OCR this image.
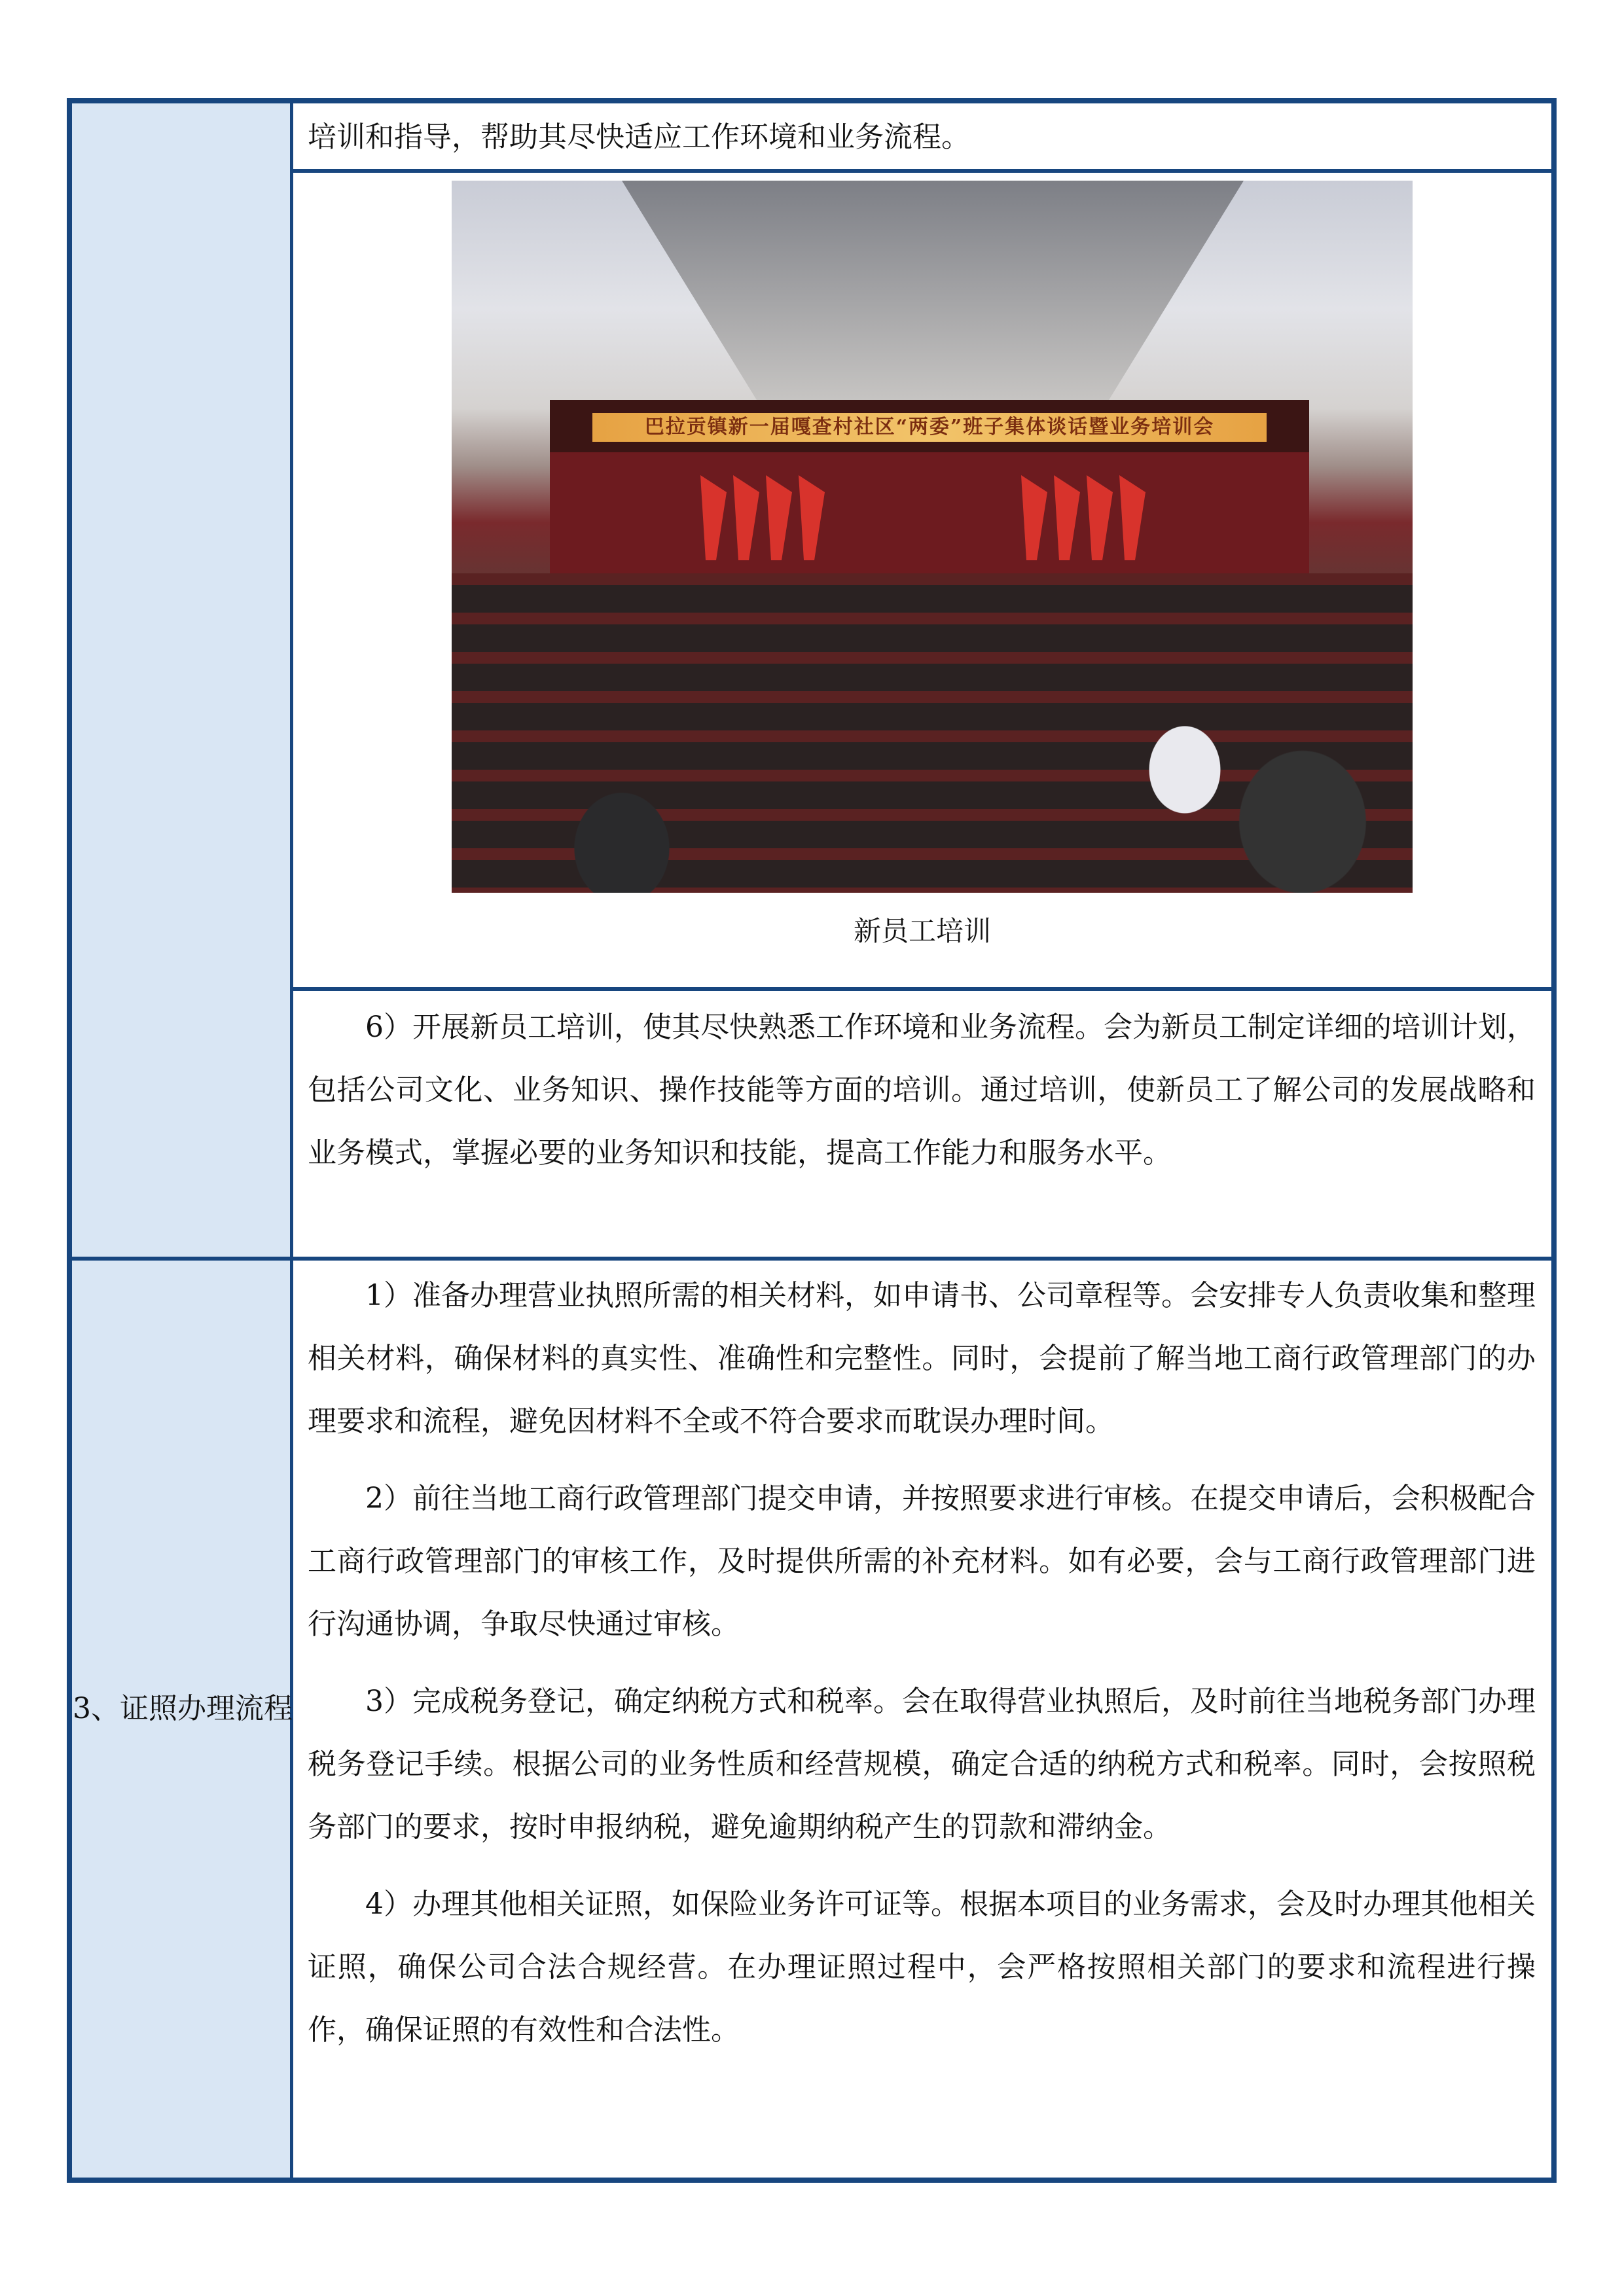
培训和指导，帮助其尽快适应工作环境和业务流程。
巴拉贡镇新一届嘎查村社区“两委”班子集体谈话暨业务培训会
新员工培训
6）开展新员工培训，使其尽快熟悉工作环境和业务流程。会为新员工制定详细的培训计划，包括公司文化、业务知识、操作技能等方面的培训。通过培训，使新员工了解公司的发展战略和业务模式，掌握必要的业务知识和技能，提高工作能力和服务水平。
3、证照办理流程
1）准备办理营业执照所需的相关材料，如申请书、公司章程等。会安排专人负责收集和整理相关材料，确保材料的真实性、准确性和完整性。同时，会提前了解当地工商行政管理部门的办理要求和流程，避免因材料不全或不符合要求而耽误办理时间。
2）前往当地工商行政管理部门提交申请，并按照要求进行审核。在提交申请后，会积极配合工商行政管理部门的审核工作，及时提供所需的补充材料。如有必要，会与工商行政管理部门进行沟通协调，争取尽快通过审核。
3）完成税务登记，确定纳税方式和税率。会在取得营业执照后，及时前往当地税务部门办理税务登记手续。根据公司的业务性质和经营规模，确定合适的纳税方式和税率。同时，会按照税务部门的要求，按时申报纳税，避免逾期纳税产生的罚款和滞纳金。
4）办理其他相关证照，如保险业务许可证等。根据本项目的业务需求，会及时办理其他相关证照，确保公司合法合规经营。在办理证照过程中，会严格按照相关部门的要求和流程进行操作，确保证照的有效性和合法性。
